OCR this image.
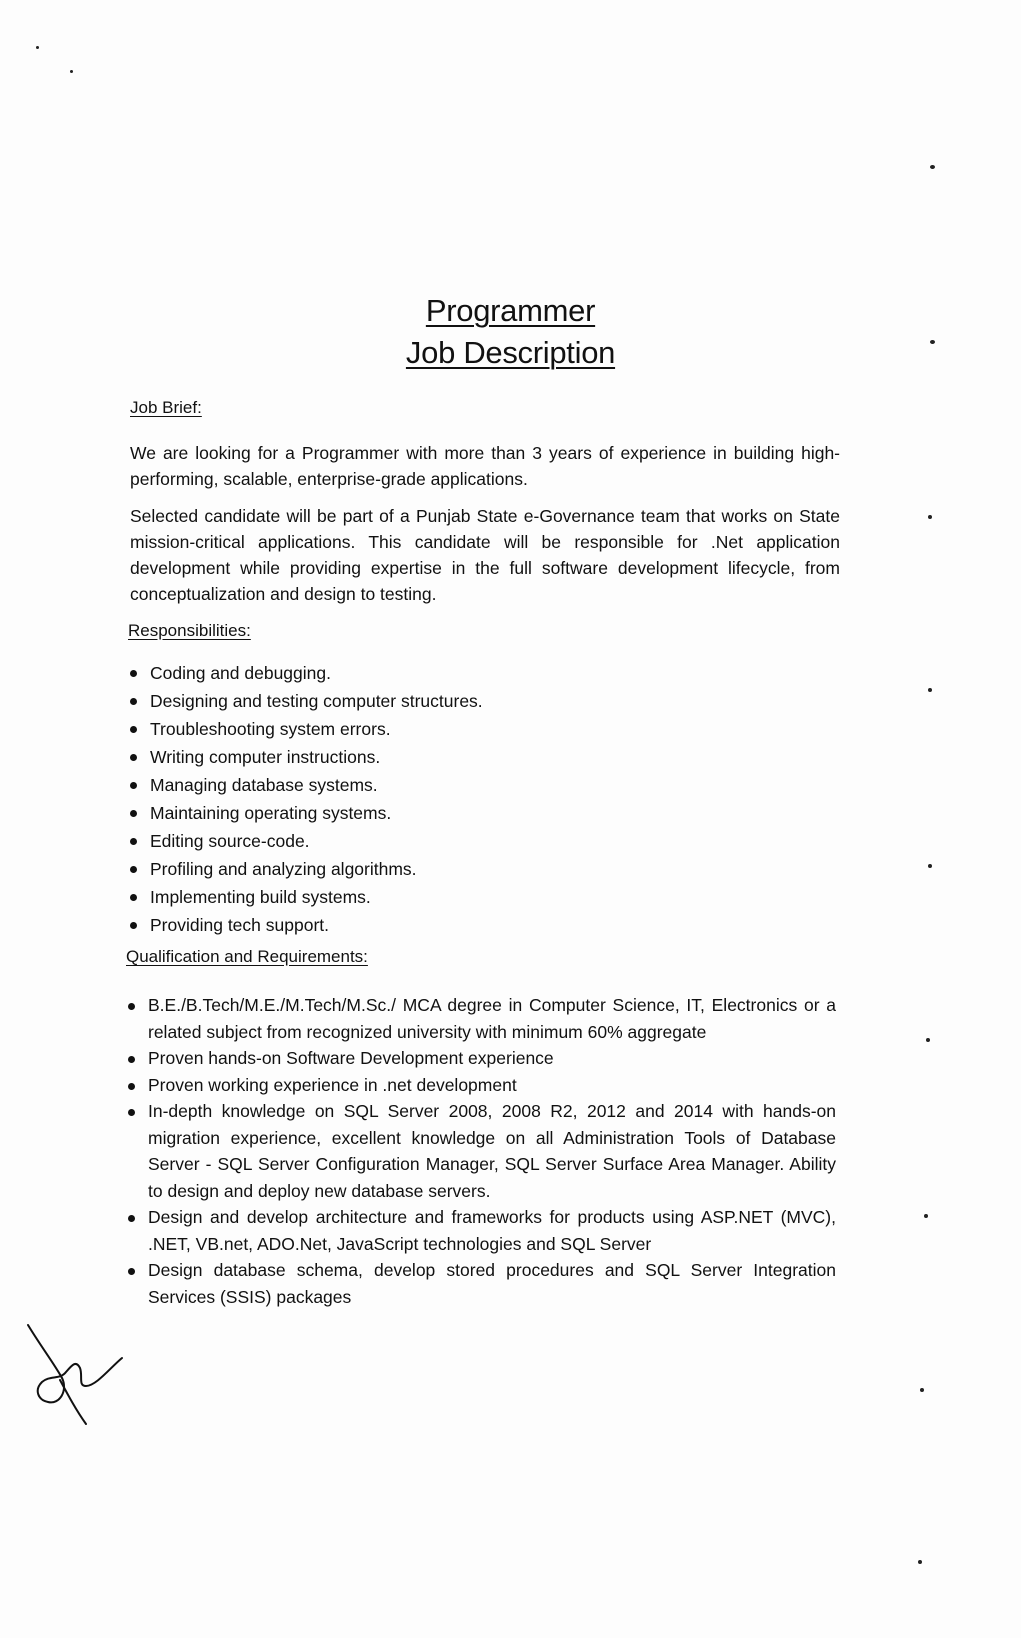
Programmer
Job Description
Job Brief:

We are looking for a Programmer with more than 3 years of experience in building high-performing, scalable, enterprise-grade applications.

Selected candidate will be part of a Punjab State e-Governance team that works on State mission-critical applications. This candidate will be responsible for .Net application development while providing expertise in the full software development lifecycle, from conceptualization and design to testing.

Responsibilities:
Coding and debugging.
Designing and testing computer structures.
Troubleshooting system errors.
Writing computer instructions.
Managing database systems.
Maintaining operating systems.
Editing source-code.
Profiling and analyzing algorithms.
Implementing build systems.
Providing tech support.
Qualification and Requirements:
B.E./B.Tech/M.E./M.Tech/M.Sc./ MCA degree in Computer Science, IT, Electronics or a related subject from recognized university with minimum 60% aggregate
Proven hands-on Software Development experience
Proven working experience in .net development
In-depth knowledge on SQL Server 2008, 2008 R2, 2012 and 2014 with hands-on migration experience, excellent knowledge on all Administration Tools of Database Server - SQL Server Configuration Manager, SQL Server Surface Area Manager. Ability to design and deploy new database servers.
Design and develop architecture and frameworks for products using ASP.NET (MVC), .NET, VB.net, ADO.Net, JavaScript technologies and SQL Server
Design database schema, develop stored procedures and SQL Server Integration Services (SSIS) packages
